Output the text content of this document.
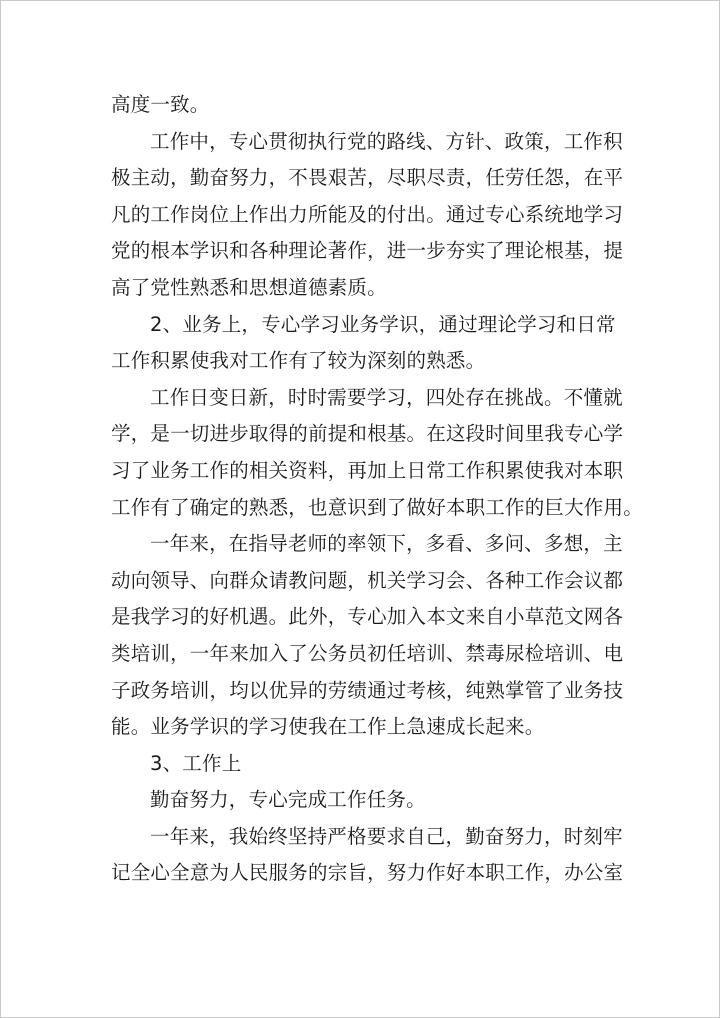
高度一致。
工作中，专心贯彻执行党的路线、方针、政策，工作积
极主动，勤奋努力，不畏艰苦，尽职尽责，任劳任怨，在平
凡的工作岗位上作出力所能及的付出。通过专心系统地学习
党的根本学识和各种理论著作，进一步夯实了理论根基，提
高了党性熟悉和思想道德素质。
2、业务上，专心学习业务学识，通过理论学习和日常
工作积累使我对工作有了较为深刻的熟悉。
工作日变日新，时时需要学习，四处存在挑战。不懂就
学，是一切进步取得的前提和根基。在这段时间里我专心学
习了业务工作的相关资料，再加上日常工作积累使我对本职
工作有了确定的熟悉，也意识到了做好本职工作的巨大作用。
一年来，在指导老师的率领下，多看、多问、多想，主
动向领导、向群众请教问题，机关学习会、各种工作会议都
是我学习的好机遇。此外，专心加入本文来自小草范文网各
类培训，一年来加入了公务员初任培训、禁毒尿检培训、电
子政务培训，均以优异的劳绩通过考核，纯熟掌管了业务技
能。业务学识的学习使我在工作上急速成长起来。
3、工作上
勤奋努力，专心完成工作任务。
一年来，我始终坚持严格要求自己，勤奋努力，时刻牢
记全心全意为人民服务的宗旨，努力作好本职工作，办公室
